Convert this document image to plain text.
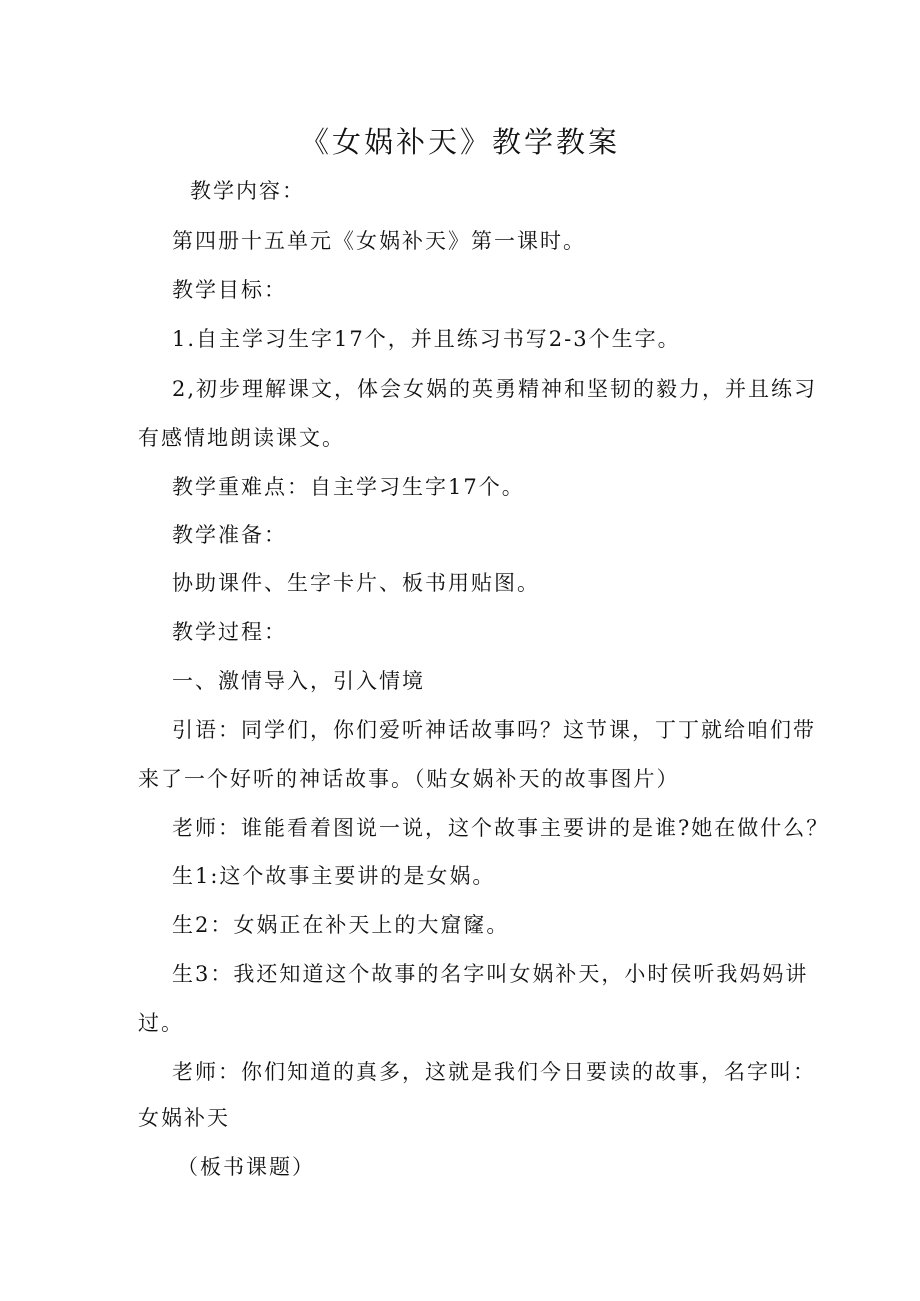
《女娲补天》教学教案
教学内容：
第四册十五单元《女娲补天》第一课时。
教学目标：
1.自主学习生字17个，并且练习书写2-3个生字。
2,初步理解课文，体会女娲的英勇精神和坚韧的毅力，并且练习
有感情地朗读课文。
教学重难点：自主学习生字17个。
教学准备：
协助课件、生字卡片、板书用贴图。
教学过程：
一、激情导入，引入情境
引语：同学们，你们爱听神话故事吗？这节课，丁丁就给咱们带
来了一个好听的神话故事。（贴女娲补天的故事图片）
老师：谁能看着图说一说，这个故事主要讲的是谁?她在做什么？
生1:这个故事主要讲的是女娲。
生2：女娲正在补天上的大窟窿。
生3：我还知道这个故事的名字叫女娲补天，小时侯听我妈妈讲
过。
老师：你们知道的真多，这就是我们今日要读的故事，名字叫：
女娲补天
（板书课题）
